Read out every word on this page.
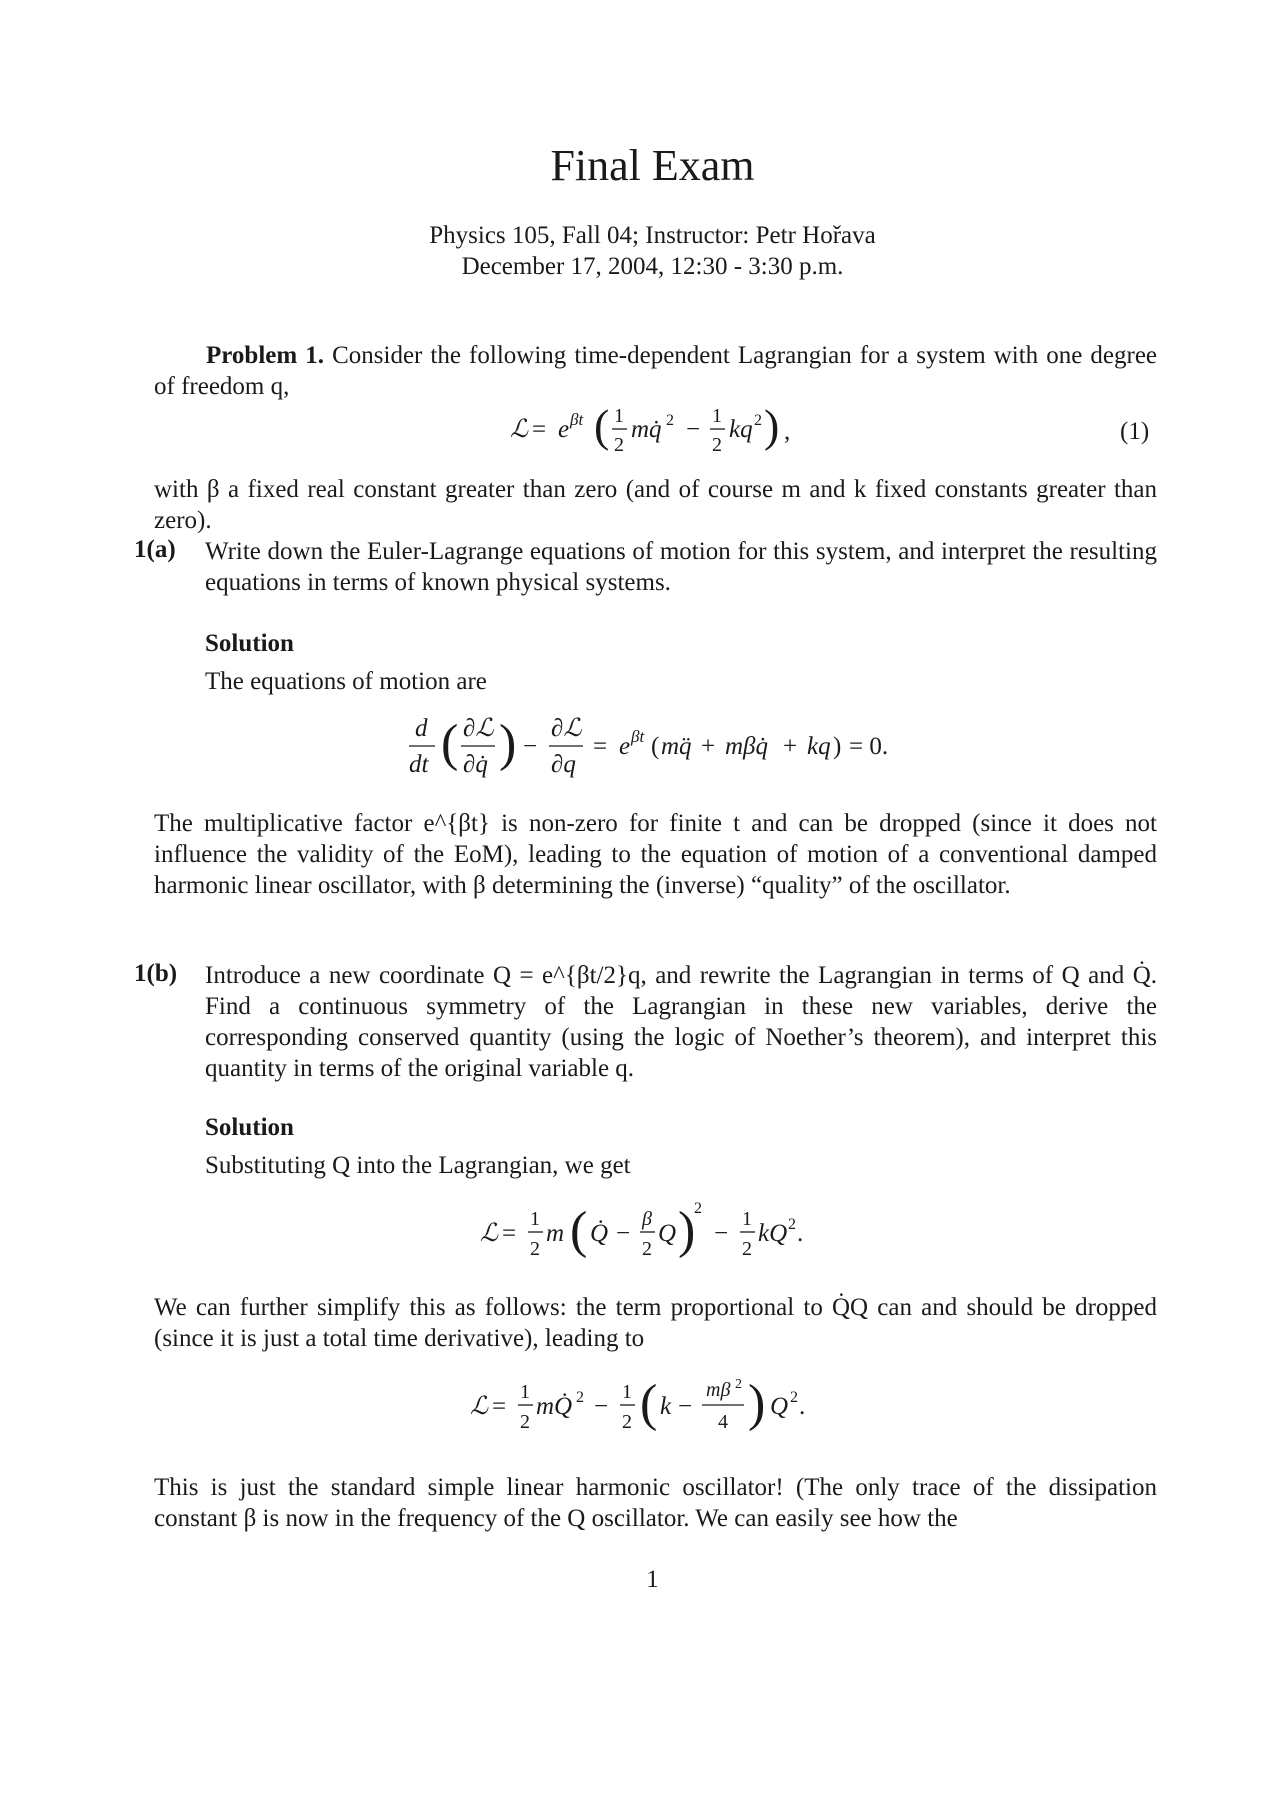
Final Exam
Physics 105, Fall 04; Instructor: Petr Hořava
December 17, 2004, 12:30 - 3:30 p.m.
Problem 1. Consider the following time-dependent Lagrangian for a system with one degree of freedom q,
ℒ = e βt ( 1
2
mq̇ 2 − 1
2
kq 2 ) ,	(1)
with β a fixed real constant greater than zero (and of course m and k fixed constants greater than zero).
1(a) Write down the Euler-Lagrange equations of motion for this system, and interpret the resulting equations in terms of known physical systems.
Solution
The equations of motion are
d
dt ( ∂ℒ
∂q̇ ) −
∂ℒ
∂q
= e βt ( mq̈ + mβq̇ + kq ) = 0.
The multiplicative factor e^{βt} is non-zero for finite t and can be dropped (since it does not influence the validity of the EoM), leading to the equation of motion of a conventional damped harmonic linear oscillator, with β determining the (inverse) “quality” of the oscillator.
1(b) Introduce a new coordinate Q = e^{βt/2}q, and rewrite the Lagrangian in terms of Q and Q̇. Find a continuous symmetry of the Lagrangian in these new variables, derive the corresponding conserved quantity (using the logic of Noether’s theorem), and interpret this quantity in terms of the original variable q.
Solution
Substituting Q into the Lagrangian, we get
ℒ =
1
2
m ( Q̇ −
β
2
Q )
2
−
1
2
kQ 2 .
We can further simplify this as follows: the term proportional to Q̇Q can and should be dropped (since it is just a total time derivative), leading to
ℒ =
1
2
mQ̇ 2 −
1
2 ( k −
mβ 2
4 ) Q 2 .
This is just the standard simple linear harmonic oscillator! (The only trace of the dissipation constant β is now in the frequency of the Q oscillator. We can easily see how the
1
